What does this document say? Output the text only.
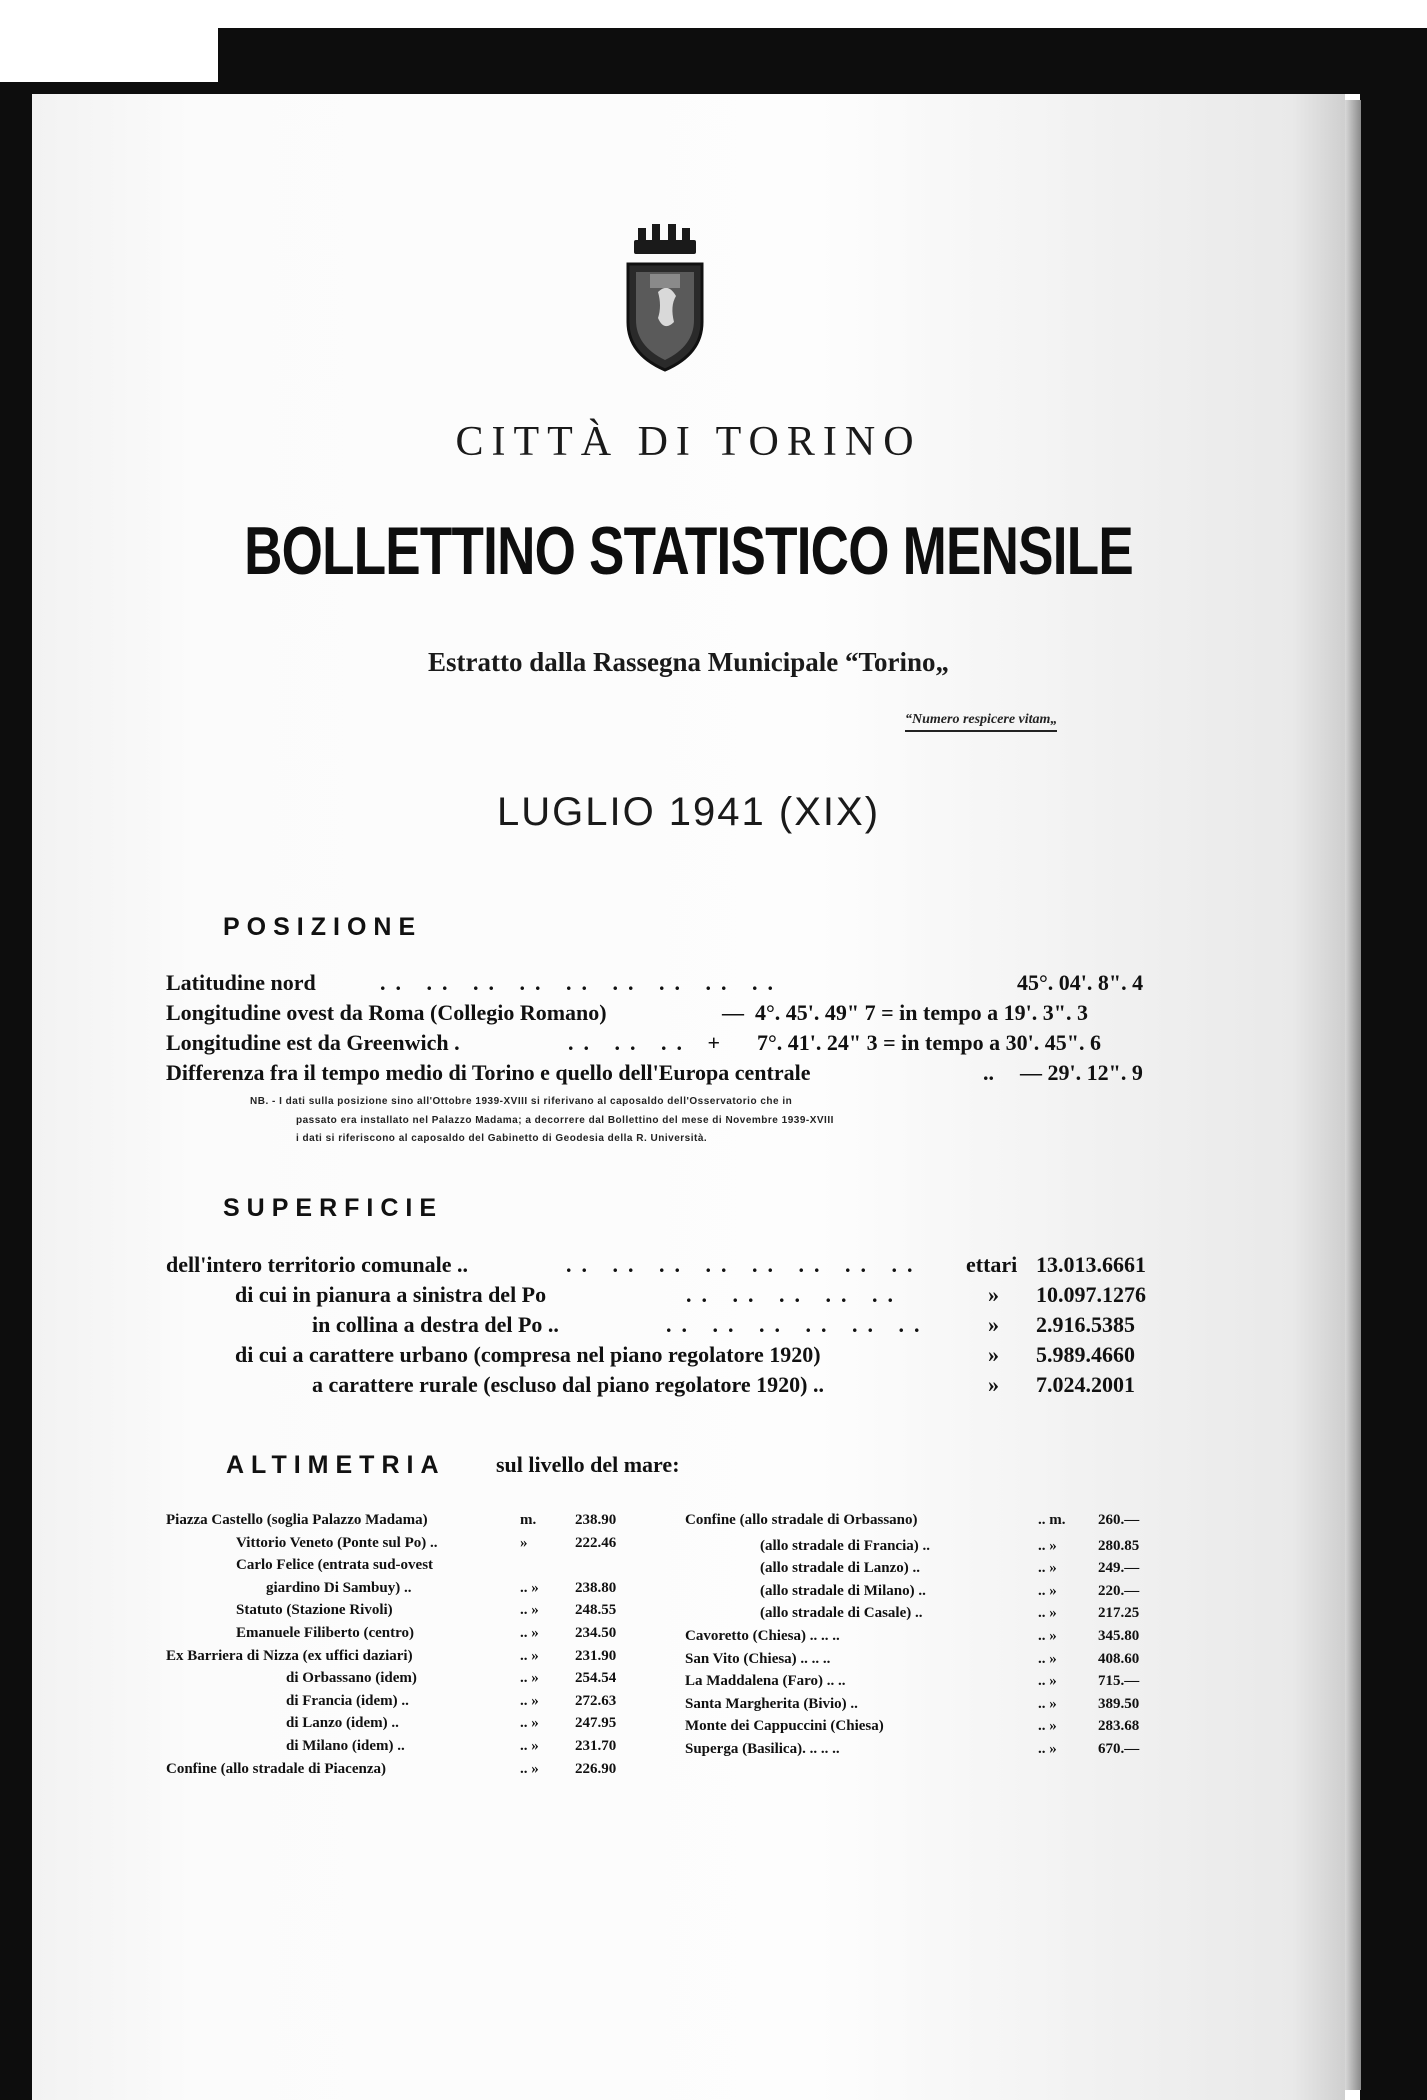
CITTÀ DI TORINO
BOLLETTINO STATISTICO MENSILE
Estratto dalla Rassegna Municipale “Torino„
“Numero respicere vitam„
LUGLIO 1941 (XIX)
POSIZIONE
Latitudine nord	.. .. .. .. .. .. .. .. ..	45°. 04'. 8". 4
Longitudine ovest da Roma (Collegio Romano)	— 4°. 45'. 49" 7 = in tempo a 19'. 3". 3
Longitudine est da Greenwich .	.. .. .. + 7°. 41'. 24" 3 = in tempo a 30'. 45". 6
Differenza fra il tempo medio di Torino e quello dell'Europa centrale	.. — 29'. 12". 9
NB. - I dati sulla posizione sino all'Ottobre 1939-XVIII si riferivano al caposaldo dell'Osservatorio che in
passato era installato nel Palazzo Madama; a decorrere dal Bollettino del mese di Novembre 1939-XVIII
i dati si riferiscono al caposaldo del Gabinetto di Geodesia della R. Università.
SUPERFICIE
dell'intero territorio comunale ..	.. .. .. .. .. .. .. .. ettari 13.013.6661
di cui in pianura a sinistra del Po	.. .. .. .. ..	» 10.097.1276
in collina a destra del Po ..	.. .. .. .. .. ..	» 2.916.5385
di cui a carattere urbano (compresa nel piano regolatore 1920)	» 5.989.4660
a carattere rurale (escluso dal piano regolatore 1920) ..	» 7.024.2001
ALTIMETRIA sul livello del mare:
Piazza Castello (soglia Palazzo Madama)	m.	238.90
Vittorio Veneto (Ponte sul Po) ..	»	222.46
Carlo Felice (entrata sud-ovest
giardino Di Sambuy) ..	.. » 238.80
Statuto (Stazione Rivoli)	.. » 248.55
Emanuele Filiberto (centro)	.. » 234.50
Ex Barriera di Nizza (ex uffici daziari)	.. » 231.90
di Orbassano (idem)	.. » 254.54
di Francia (idem) ..	.. » 272.63
di Lanzo (idem) ..	.. » 247.95
di Milano (idem) ..	.. » 231.70
Confine (allo stradale di Piacenza)	.. » 226.90
Confine (allo stradale di Orbassano)	.. m. 260.—
(allo stradale di Francia) ..	.. »	280.85
(allo stradale di Lanzo) ..	.. »	249.—
(allo stradale di Milano) ..	.. »	220.—
(allo stradale di Casale) ..	.. »	217.25
Cavoretto (Chiesa) .. .. ..	.. »	345.80
San Vito (Chiesa) .. .. ..	.. »	408.60
La Maddalena (Faro) .. ..	.. »	715.—
Santa Margherita (Bivio) ..	.. »	389.50
Monte dei Cappuccini (Chiesa)	.. »	283.68
Superga (Basilica). .. .. ..	.. »	670.—
